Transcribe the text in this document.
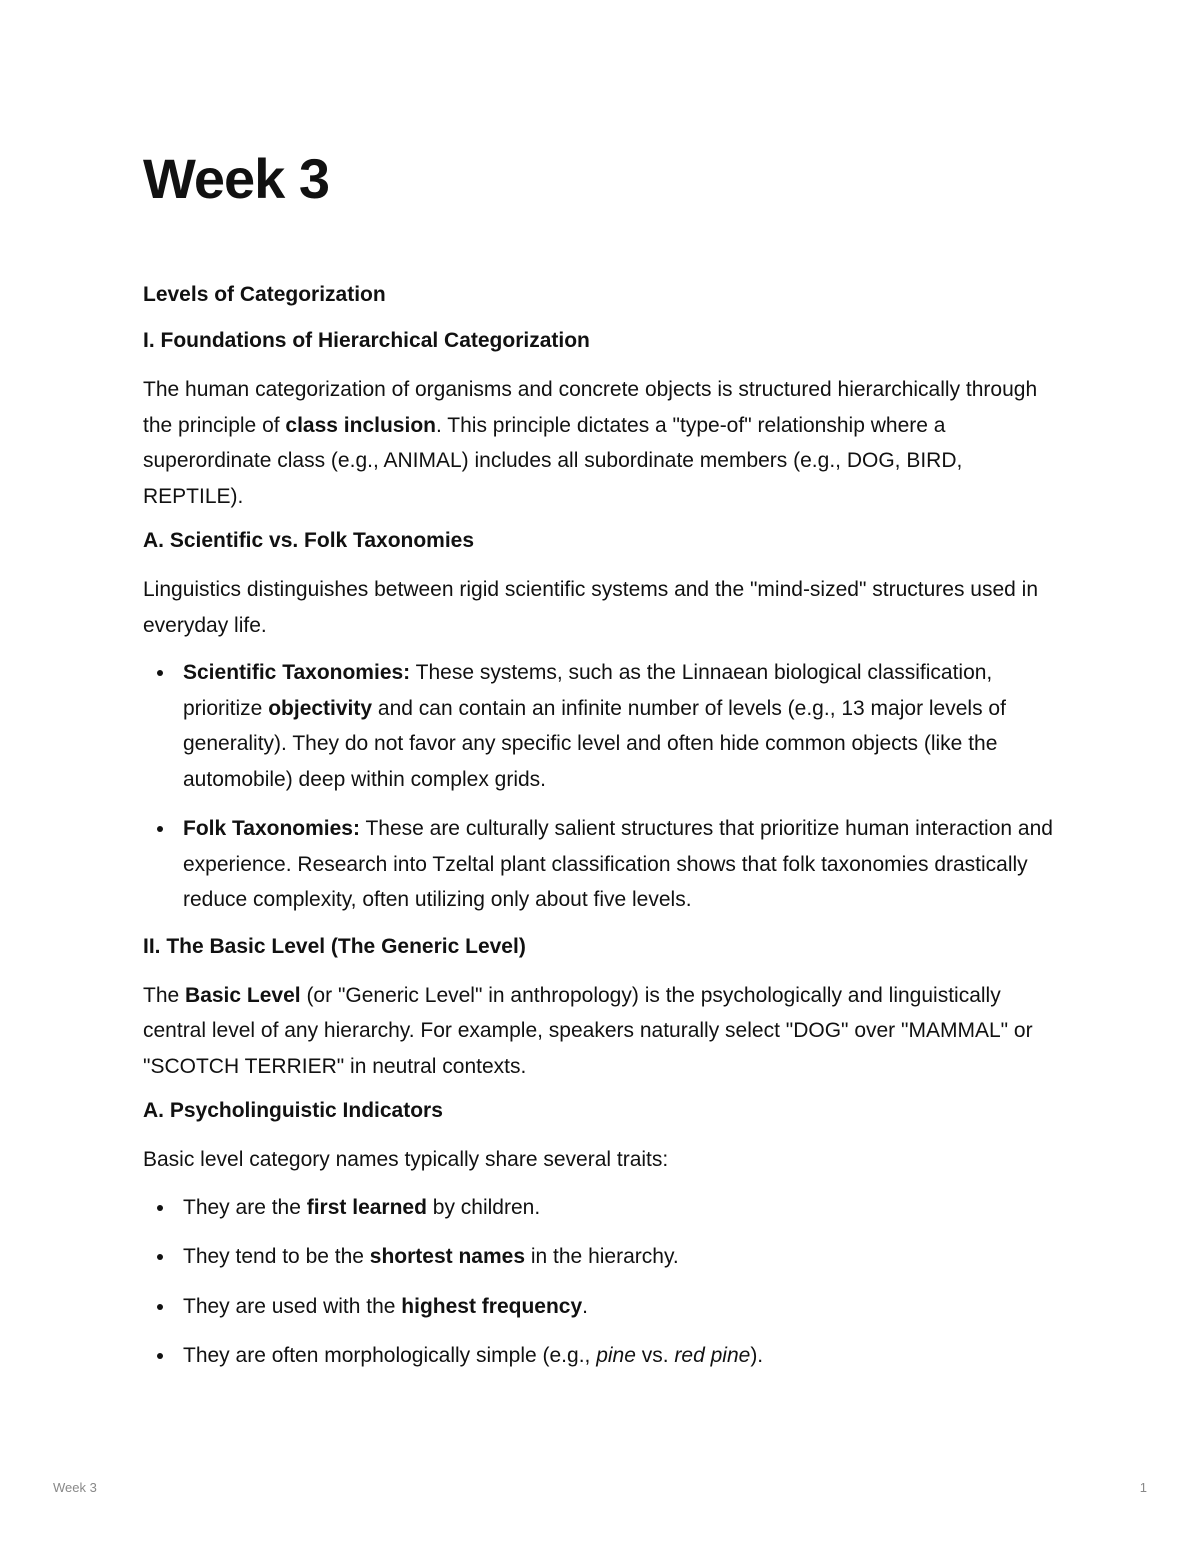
Week 3
Levels of Categorization
I. Foundations of Hierarchical Categorization
The human categorization of organisms and concrete objects is structured hierarchically through the principle of class inclusion. This principle dictates a "type-of" relationship where a superordinate class (e.g., ANIMAL) includes all subordinate members (e.g., DOG, BIRD, REPTILE).
A. Scientific vs. Folk Taxonomies
Linguistics distinguishes between rigid scientific systems and the "mind-sized" structures used in everyday life.
Scientific Taxonomies: These systems, such as the Linnaean biological classification, prioritize objectivity and can contain an infinite number of levels (e.g., 13 major levels of generality). They do not favor any specific level and often hide common objects (like the automobile) deep within complex grids.
Folk Taxonomies: These are culturally salient structures that prioritize human interaction and experience. Research into Tzeltal plant classification shows that folk taxonomies drastically reduce complexity, often utilizing only about five levels.
II. The Basic Level (The Generic Level)
The Basic Level (or "Generic Level" in anthropology) is the psychologically and linguistically central level of any hierarchy. For example, speakers naturally select "DOG" over "MAMMAL" or "SCOTCH TERRIER" in neutral contexts.
A. Psycholinguistic Indicators
Basic level category names typically share several traits:
They are the first learned by children.
They tend to be the shortest names in the hierarchy.
They are used with the highest frequency.
They are often morphologically simple (e.g., pine vs. red pine).
Week 3	1
